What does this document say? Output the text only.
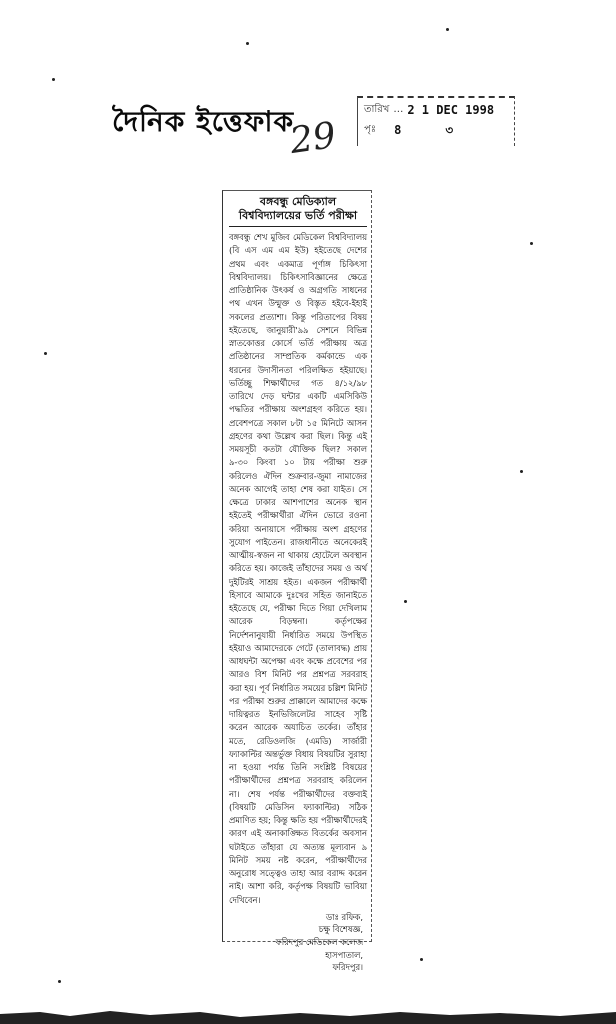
দৈনিক ইত্তেফাক
29
তারিখ … 2 1 DEC 1998
পৃঃ 8	৩
বঙ্গবন্ধু মেডিক্যাল বিশ্ববিদ্যালয়ের ভর্তি পরীক্ষা
বঙ্গবন্ধু শেখ মুজিব মেডিকেল বিশ্ববিদ্যালয় (বি এস এম এম ইউ) হইতেছে দেশের প্রথম এবং একমাত্র পূর্ণাঙ্গ চিকিৎসা বিশ্ববিদ্যালয়। চিকিৎসাবিজ্ঞানের ক্ষেত্রে প্রাতিষ্ঠানিক উৎকর্ষ ও অগ্রগতি সাধনের পথ এখন উন্মুক্ত ও বিস্তৃত হইবে-ইহাই সকলের প্রত্যাশা। কিন্তু পরিতাপের বিষয় হইতেছে, জানুয়ারী'৯৯ সেশনে বিভিন্ন স্নাতকোত্তর কোর্সে ভর্তি পরীক্ষায় অত্র প্রতিষ্ঠানের সাম্প্রতিক কর্মকান্ডে এক ধরনের উদাসীনতা পরিলক্ষিত হইয়াছে। ভর্তিচ্ছু শিক্ষার্থীদের গত ৪/১২/৯৮ তারিখে দেড় ঘন্টার একটি এমসিকিউ পদ্ধতির পরীক্ষায় অংশগ্রহণ করিতে হয়। প্রবেশপত্রে সকাল ৮টা ১৫ মিনিটে আসন গ্রহণের কথা উল্লেখ করা ছিল। কিন্তু এই সময়সূচী কতটা যৌক্তিক ছিল? সকাল ৯-৩০ কিংবা ১০ টায় পরীক্ষা শুরু করিলেও ঐদিন শুক্রবার-জুমা নামাজের অনেক আগেই তাহা শেষ করা যাইত। সে ক্ষেত্রে ঢাকার আশপাশের অনেক স্থান হইতেই পরীক্ষার্থীরা ঐদিন ভোরে রওনা করিয়া অনায়াসে পরীক্ষায় অংশ গ্রহণের সুযোগ পাইতেন। রাজধানীতে অনেকেরই আত্মীয়-স্বজন না থাকায় হোটেলে অবস্থান করিতে হয়। কাজেই তাঁহাদের সময় ও অর্থ দুইটিরই সাশ্রয় হইত। একজন পরীক্ষার্থী হিসাবে আমাকে দুঃখের সহিত জানাইতে হইতেছে যে, পরীক্ষা দিতে গিয়া দেখিলাম আরেক বিড়ম্বনা। কর্তৃপক্ষের নির্দেশনানুযায়ী নির্ধারিত সময়ে উপস্থিত হইয়াও আমাদেরকে গেটে (তালাবদ্ধ) প্রায় আধঘন্টা অপেক্ষা এবং কক্ষে প্রবেশের পর আরও বিশ মিনিট পর প্রশ্নপত্র সরবরাহ করা হয়। পূর্ব নির্ধারিত সময়ের চল্লিশ মিনিট পর পরীক্ষা শুরুর প্রাক্কালে আমাদের কক্ষে দায়িত্বরত ইনভিজিলেটর সাহেব সৃষ্টি করেন আরেক অযাচিত তর্কের। তাঁহার মতে, রেডিওলজি (এমডি) সার্জারী ফ্যাকাল্টির অন্তর্ভুক্ত বিধায় বিষয়টির সুরাহা না হওয়া পর্যন্ত তিনি সংশ্লিষ্ট বিষয়ের পরীক্ষার্থীদের প্রশ্নপত্র সরবরাহ করিলেন না। শেষ পর্যন্ত পরীক্ষার্থীদের বক্তব্যই (বিষয়টি মেডিসিন ফ্যাকাল্টির) সঠিক প্রমাণিত হয়; কিন্তু ক্ষতি হয় পরীক্ষার্থীদেরই কারণ এই অনাকাঙ্ক্ষিত বিতর্কের অবসান ঘটাইতে তাঁহারা যে অত্যন্ত মূল্যবান ৯ মিনিট সময় নষ্ট করেন, পরীক্ষার্থীদের অনুরোধ সত্ত্বেও তাহা আর বরাদ্দ করেন নাই। আশা করি, কর্তৃপক্ষ বিষয়টি ভাবিয়া দেখিবেন।
ডাঃ রফিক,
চক্ষু বিশেষজ্ঞ,
ফরিদপুর মেডিকেল কলেজ
হাসপাতাল,
ফরিদপুর।
